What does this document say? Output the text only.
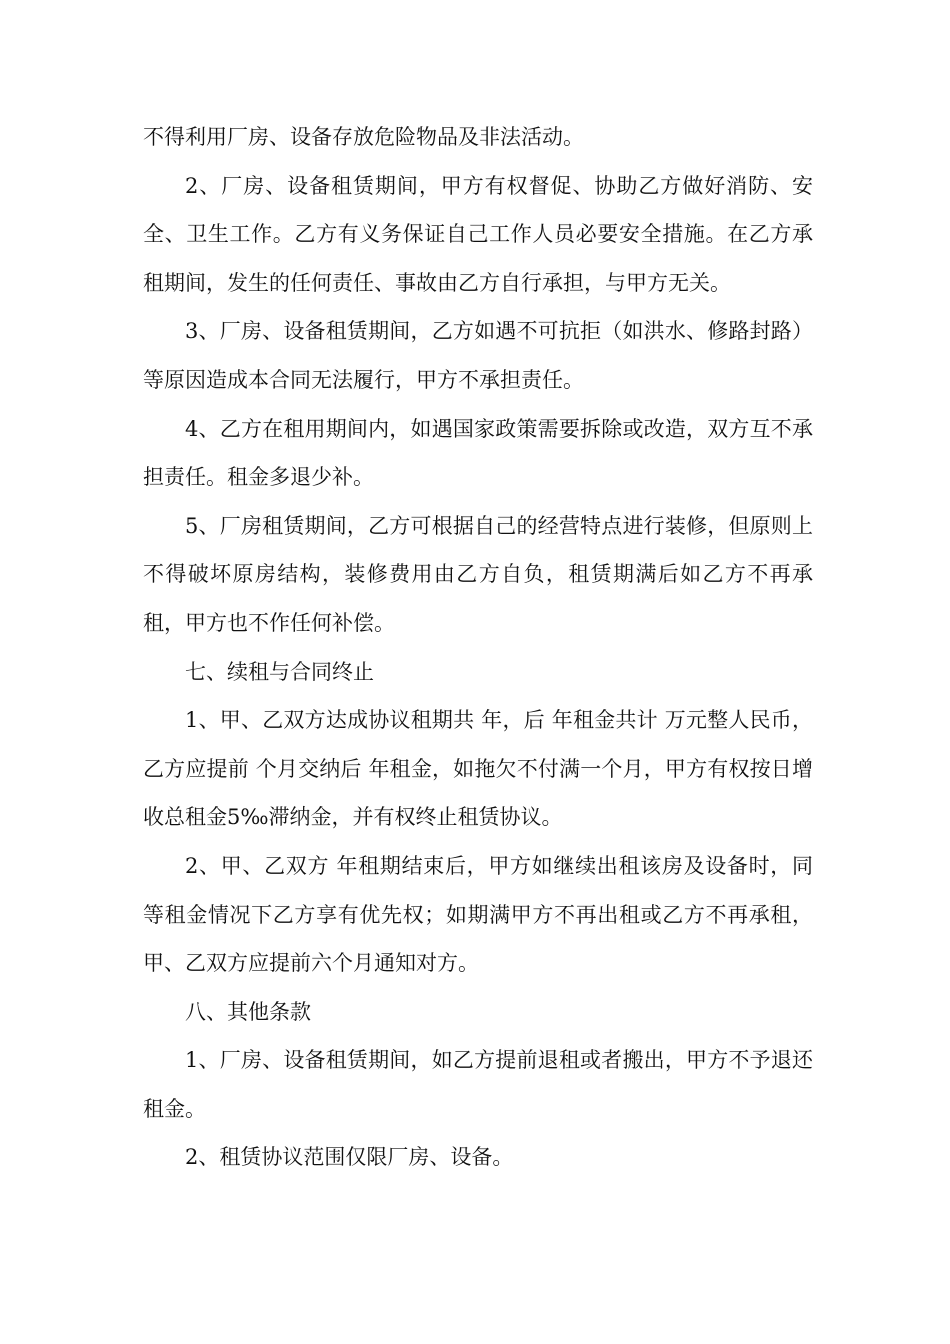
不得利用厂房、设备存放危险物品及非法活动。

2、厂房、设备租赁期间，甲方有权督促、协助乙方做好消防、安全、卫生工作。乙方有义务保证自己工作人员必要安全措施。在乙方承租期间，发生的任何责任、事故由乙方自行承担，与甲方无关。

3、厂房、设备租赁期间，乙方如遇不可抗拒（如洪水、修路封路）等原因造成本合同无法履行，甲方不承担责任。

4、乙方在租用期间内，如遇国家政策需要拆除或改造，双方互不承担责任。租金多退少补。

5、厂房租赁期间，乙方可根据自己的经营特点进行装修，但原则上不得破坏原房结构，装修费用由乙方自负，租赁期满后如乙方不再承租，甲方也不作任何补偿。

七、续租与合同终止

1、甲、乙双方达成协议租期共 年，后 年租金共计 万元整人民币，乙方应提前 个月交纳后 年租金，如拖欠不付满一个月，甲方有权按日增收总租金5‰滞纳金，并有权终止租赁协议。

2、甲、乙双方 年租期结束后，甲方如继续出租该房及设备时，同等租金情况下乙方享有优先权；如期满甲方不再出租或乙方不再承租，甲、乙双方应提前六个月通知对方。

八、其他条款

1、厂房、设备租赁期间，如乙方提前退租或者搬出，甲方不予退还租金。

2、租赁协议范围仅限厂房、设备。
